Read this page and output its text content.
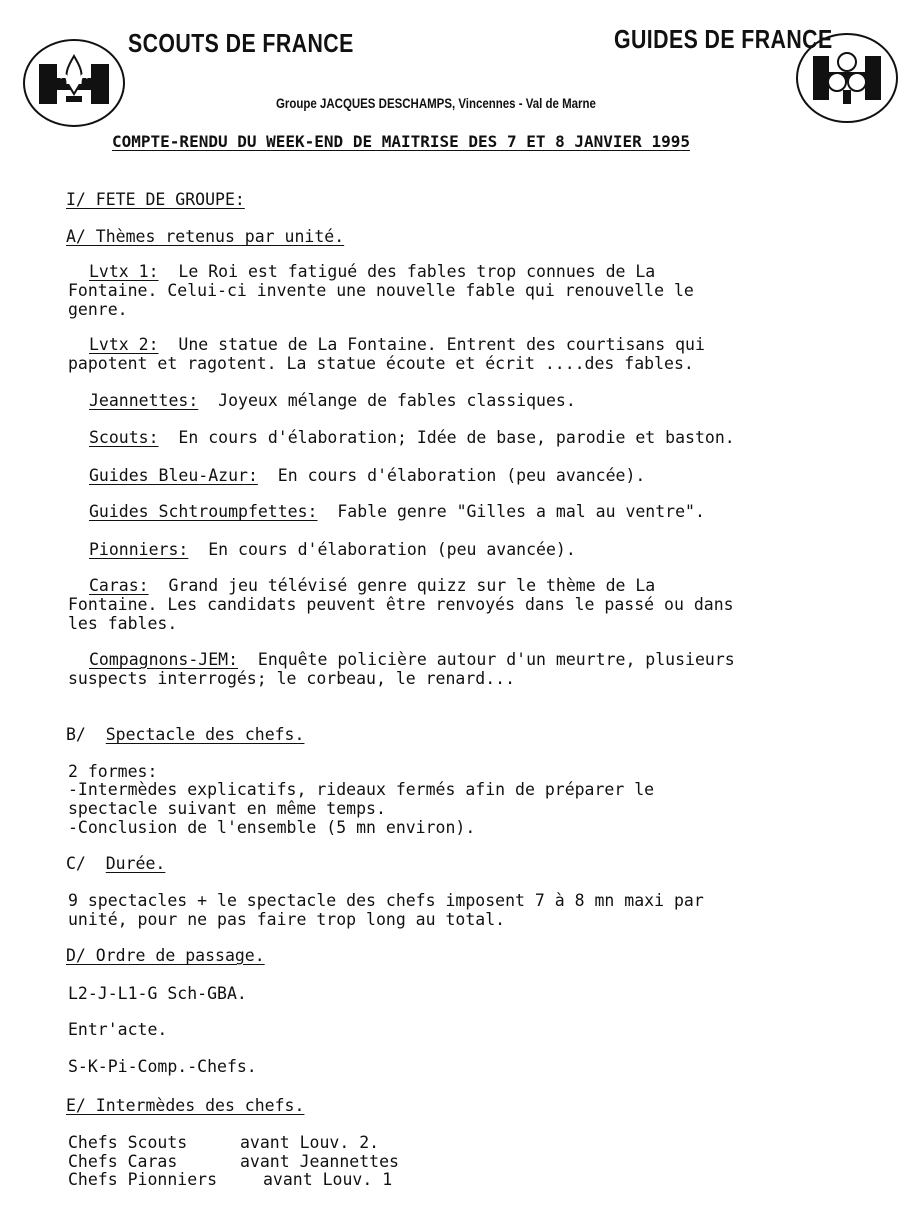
SCOUTS DE FRANCE	GUIDES DE FRANCE
Groupe JACQUES DESCHAMPS, Vincennes - Val de Marne
COMPTE-RENDU DU WEEK-END DE MAITRISE DES 7 ET 8 JANVIER 1995
I/ FETE DE GROUPE:
A/ Thèmes retenus par unité.
Lvtx 1: Le Roi est fatigué des fables trop connues de La
Fontaine. Celui-ci invente une nouvelle fable qui renouvelle le
genre.
Lvtx 2: Une statue de La Fontaine. Entrent des courtisans qui
papotent et ragotent. La statue écoute et écrit ....des fables.
Jeannettes: Joyeux mélange de fables classiques.
Scouts: En cours d'élaboration; Idée de base, parodie et baston.
Guides Bleu-Azur: En cours d'élaboration (peu avancée).
Guides Schtroumpfettes: Fable genre "Gilles a mal au ventre".
Pionniers: En cours d'élaboration (peu avancée).
Caras: Grand jeu télévisé genre quizz sur le thème de La
Fontaine. Les candidats peuvent être renvoyés dans le passé ou dans
les fables.
Compagnons-JEM: Enquête policière autour d'un meurtre, plusieurs
suspects interrogés; le corbeau, le renard...
B/ Spectacle des chefs.
2 formes:
-Intermèdes explicatifs, rideaux fermés afin de préparer le
spectacle suivant en même temps.
-Conclusion de l'ensemble (5 mn environ).
C/ Durée.
9 spectacles + le spectacle des chefs imposent 7 à 8 mn maxi par
unité, pour ne pas faire trop long au total.
D/ Ordre de passage.
L2-J-L1-G Sch-GBA.
Entr'acte.
S-K-Pi-Comp.-Chefs.
E/ Intermèdes des chefs.
Chefs Scouts	avant Louv. 2.
Chefs Caras	avant Jeannettes
Chefs Pionniers	avant Louv. 1
